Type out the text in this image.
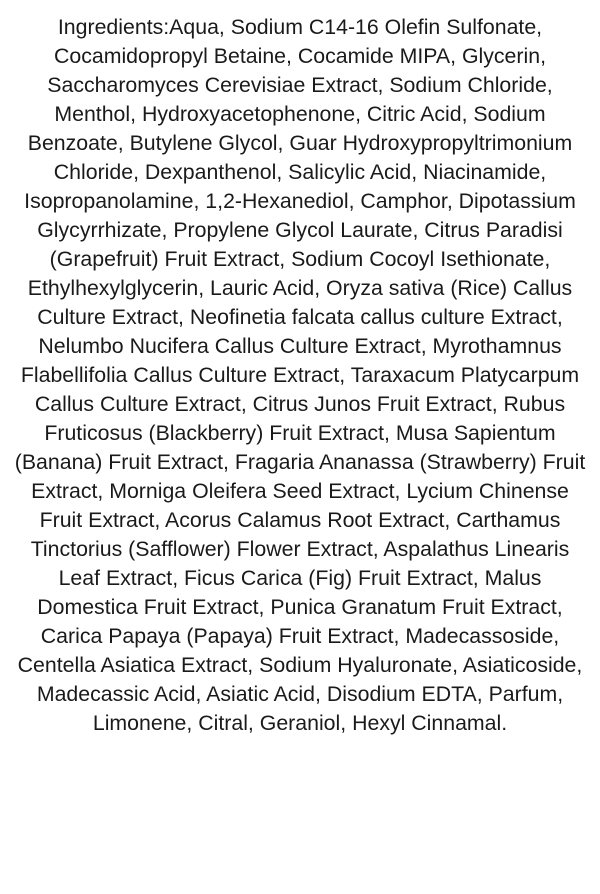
Ingredients:Aqua, Sodium C14-16 Olefin Sulfonate, Cocamidopropyl Betaine, Cocamide MIPA, Glycerin, Saccharomyces Cerevisiae Extract, Sodium Chloride, Menthol, Hydroxyacetophenone, Citric Acid, Sodium Benzoate, Butylene Glycol, Guar Hydroxypropyltrimonium Chloride, Dexpanthenol, Salicylic Acid, Niacinamide, Isopropanolamine, 1,2-Hexanediol, Camphor, Dipotassium Glycyrrhizate, Propylene Glycol Laurate, Citrus Paradisi (Grapefruit) Fruit Extract, Sodium Cocoyl Isethionate, Ethylhexylglycerin, Lauric Acid, Oryza sativa (Rice) Callus Culture Extract, Neofinetia falcata callus culture Extract, Nelumbo Nucifera Callus Culture Extract, Myrothamnus Flabellifolia Callus Culture Extract, Taraxacum Platycarpum Callus Culture Extract, Citrus Junos Fruit Extract, Rubus Fruticosus (Blackberry) Fruit Extract, Musa Sapientum (Banana) Fruit Extract, Fragaria Ananassa (Strawberry) Fruit Extract, Morniga Oleifera Seed Extract, Lycium Chinense Fruit Extract, Acorus Calamus Root Extract, Carthamus Tinctorius (Safflower) Flower Extract, Aspalathus Linearis Leaf Extract, Ficus Carica (Fig) Fruit Extract, Malus Domestica Fruit Extract, Punica Granatum Fruit Extract, Carica Papaya (Papaya) Fruit Extract, Madecassoside, Centella Asiatica Extract, Sodium Hyaluronate, Asiaticoside, Madecassic Acid, Asiatic Acid, Disodium EDTA, Parfum, Limonene, Citral, Geraniol, Hexyl Cinnamal.
